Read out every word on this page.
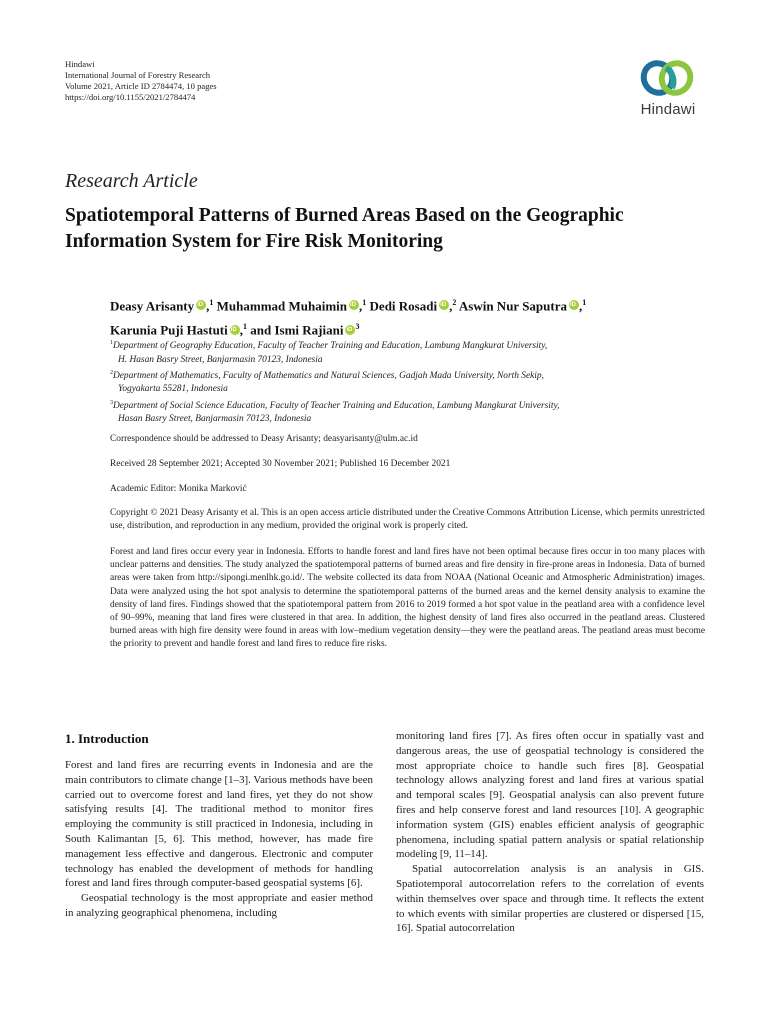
Hindawi
International Journal of Forestry Research
Volume 2021, Article ID 2784474, 10 pages
https://doi.org/10.1155/2021/2784474
Hindawi
Research Article
Spatiotemporal Patterns of Burned Areas Based on the Geographic Information System for Fire Risk Monitoring
Deasy Arisanty iD ,$^1$ Muhammad Muhaimin iD ,$^1$ Dedi Rosadi iD ,$^2$ Aswin Nur Saputra iD ,$^1$
Karunia Puji Hastuti iD ,$^1$ and Ismi Rajiani iD $^3$
$^1$Department of Geography Education, Faculty of Teacher Training and Education, Lambung Mangkurat University,
H. Hasan Basry Street, Banjarmasin 70123, Indonesia
$^2$Department of Mathematics, Faculty of Mathematics and Natural Sciences, Gadjah Mada University, North Sekip,
Yogyakarta 55281, Indonesia
$^3$Department of Social Science Education, Faculty of Teacher Training and Education, Lambung Mangkurat University,
Hasan Basry Street, Banjarmasin 70123, Indonesia
Correspondence should be addressed to Deasy Arisanty; deasyarisanty@ulm.ac.id
Received 28 September 2021; Accepted 30 November 2021; Published 16 December 2021
Academic Editor: Monika Marković
Copyright © 2021 Deasy Arisanty et al. This is an open access article distributed under the Creative Commons Attribution License, which permits unrestricted use, distribution, and reproduction in any medium, provided the original work is properly cited.
Forest and land fires occur every year in Indonesia. Efforts to handle forest and land fires have not been optimal because fires occur in too many places with unclear patterns and densities. The study analyzed the spatiotemporal patterns of burned areas and fire density in fire-prone areas in Indonesia. Data of burned areas were taken from http://sipongi.menlhk.go.id/. The website collected its data from NOAA (National Oceanic and Atmospheric Administration) images. Data were analyzed using the hot spot analysis to determine the spatiotemporal patterns of the burned areas and the kernel density analysis to examine the density of land fires. Findings showed that the spatiotemporal pattern from 2016 to 2019 formed a hot spot value in the peatland area with a confidence level of 90–99%, meaning that land fires were clustered in that area. In addition, the highest density of land fires also occurred in the peatland areas. Clustered burned areas with high fire density were found in areas with low–medium vegetation density—they were the peatland areas. The peatland areas must become the priority to prevent and handle forest and land fires to reduce fire risks.
1. Introduction

Forest and land fires are recurring events in Indonesia and are the main contributors to climate change [1–3]. Various methods have been carried out to overcome forest and land fires, yet they do not show satisfying results [4]. The traditional method to monitor fires employing the community is still practiced in Indonesia, including in South Kalimantan [5, 6]. This method, however, has made fire management less effective and dangerous. Electronic and computer technology has enabled the development of methods for handling forest and land fires through computer-based geospatial systems [6].

Geospatial technology is the most appropriate and easier method in analyzing geographical phenomena, including

monitoring land fires [7]. As fires often occur in spatially vast and dangerous areas, the use of geospatial technology is considered the most appropriate choice to handle such fires [8]. Geospatial technology allows analyzing forest and land fires at various spatial and temporal scales [9]. Geospatial analysis can also prevent future fires and help conserve forest and land resources [10]. A geographic information system (GIS) enables efficient analysis of geographic phenomena, including spatial pattern analysis or spatial relationship modeling [9, 11–14].

Spatial autocorrelation analysis is an analysis in GIS. Spatiotemporal autocorrelation refers to the correlation of events within themselves over space and through time. It reflects the extent to which events with similar properties are clustered or dispersed [15, 16]. Spatial autocorrelation
